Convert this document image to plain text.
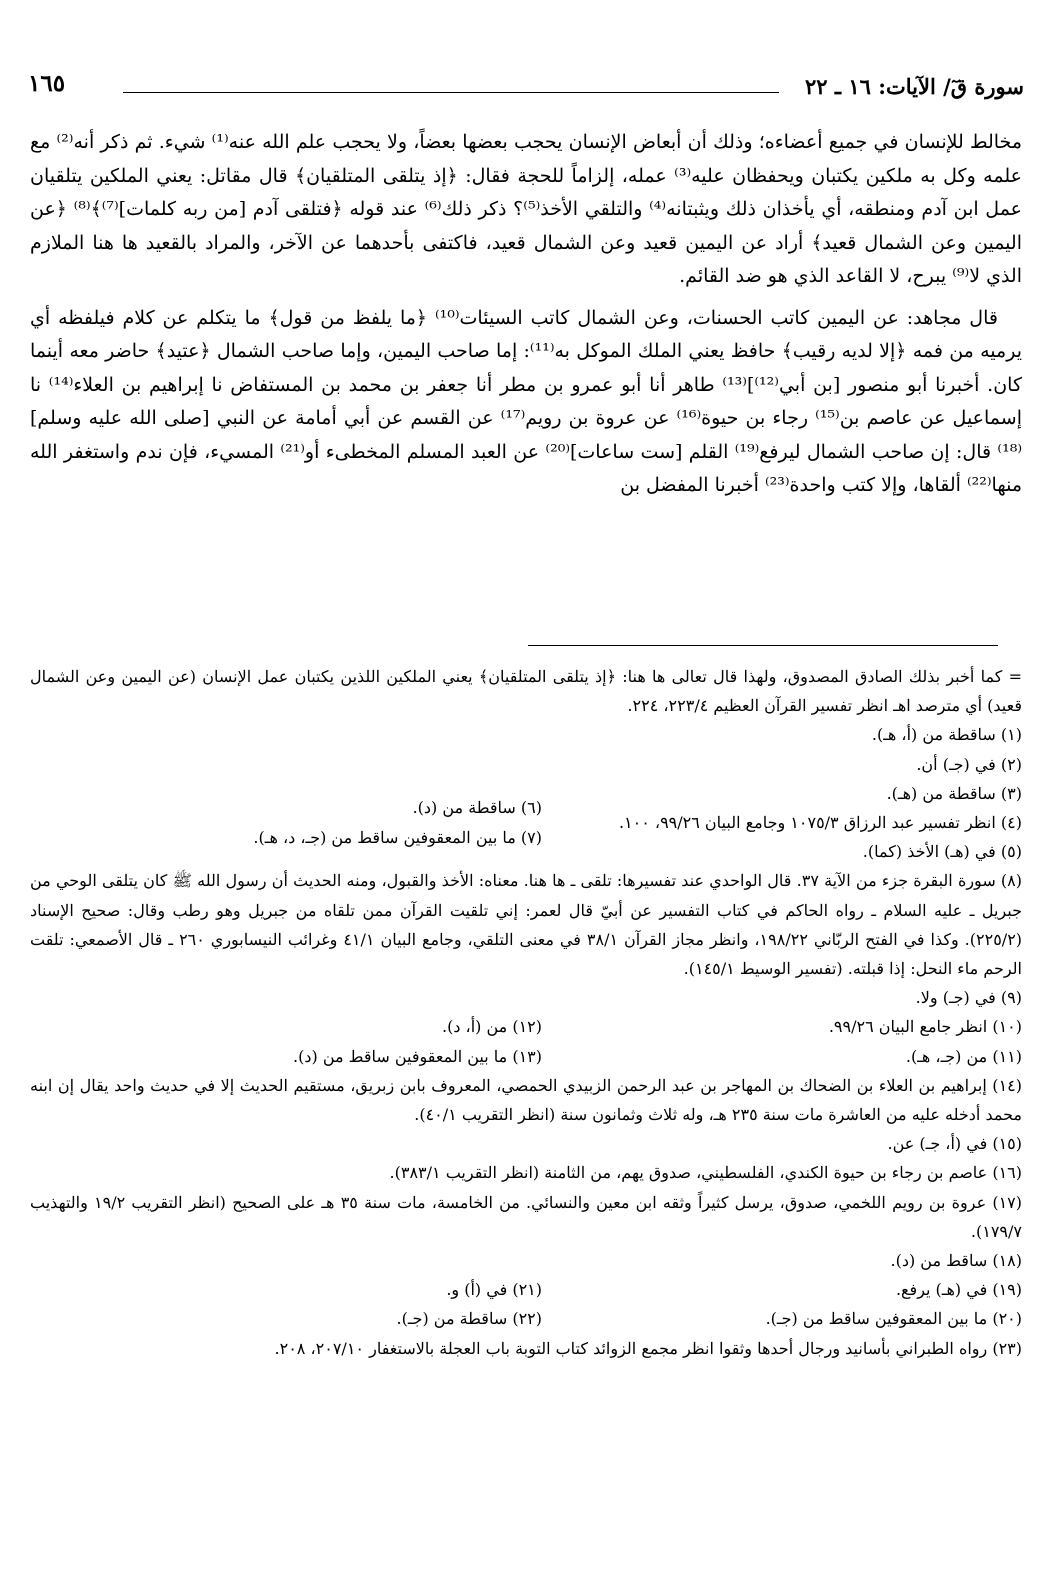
سورة قٓ/ الآيات: ١٦ ـ ٢٢
١٦٥

مخالط للإنسان في جميع أعضاءه؛ وذلك أن أبعاض الإنسان يحجب بعضها بعضاً، ولا يحجب علم الله عنه⁽¹⁾ شيء. ثم ذكر أنه⁽²⁾ مع علمه وكل به ملكين يكتبان ويحفظان عليه⁽³⁾ عمله، إلزاماً للحجة فقال: ﴿إذ يتلقى المتلقيان﴾ قال مقاتل: يعني الملكين يتلقيان عمل ابن آدم ومنطقه، أي يأخذان ذلك ويثبتانه⁽⁴⁾ والتلقي الأخذ⁽⁵⁾؟ ذكر ذلك⁽⁶⁾ عند قوله ﴿فتلقى آدم [من ربه كلمات]⁽⁷⁾﴾⁽⁸⁾ ﴿عن اليمين وعن الشمال قعيد﴾ أراد عن اليمين قعيد وعن الشمال قعيد، فاكتفى بأحدهما عن الآخر، والمراد بالقعيد ها هنا الملازم الذي لا⁽⁹⁾ يبرح، لا القاعد الذي هو ضد القائم.

قال مجاهد: عن اليمين كاتب الحسنات، وعن الشمال كاتب السيئات⁽¹⁰⁾ ﴿ما يلفظ من قول﴾ ما يتكلم عن كلام فيلفظه أي يرميه من فمه ﴿إلا لديه رقيب﴾ حافظ يعني الملك الموكل به⁽¹¹⁾: إما صاحب اليمين، وإما صاحب الشمال ﴿عتيد﴾ حاضر معه أينما كان. أخبرنا أبو منصور [بن أبي⁽¹²⁾]⁽¹³⁾ طاهر أنا أبو عمرو بن مطر أنا جعفر بن محمد بن المستفاض نا إبراهيم بن العلاء⁽¹⁴⁾ نا إسماعيل عن عاصم بن⁽¹⁵⁾ رجاء بن حيوة⁽¹⁶⁾ عن عروة بن رويم⁽¹⁷⁾ عن القسم عن أبي أمامة عن النبي [صلى الله عليه وسلم]⁽¹⁸⁾ قال: إن صاحب الشمال ليرفع⁽¹⁹⁾ القلم [ست ساعات]⁽²⁰⁾ عن العبد المسلم المخطىء أو⁽²¹⁾ المسيء، فإن ندم واستغفر الله منها⁽²²⁾ ألقاها، وإلا كتب واحدة⁽²³⁾ أخبرنا المفضل بن

= كما أخبر بذلك الصادق المصدوق، ولهذا قال تعالى ها هنا: ﴿إذ يتلقى المتلقيان﴾ يعني الملكين اللذين يكتبان عمل الإنسان (عن اليمين وعن الشمال قعيد) أي مترصد اهـ انظر تفسير القرآن العظيم ٢٢٣/٤، ٢٢٤.

(١) ساقطة من (أ، هـ).

(٢) في (جـ) أن.

(٣) ساقطة من (هـ).

(٤) انظر تفسير عبد الرزاق ١٠٧٥/٣ وجامع البيان ٩٩/٢٦، ١٠٠.

(٥) في (هـ) الأخذ (كما).

(٦) ساقطة من (د).

(٧) ما بين المعقوفين ساقط من (جـ، د، هـ).

(٨) سورة البقرة جزء من الآية ٣٧. قال الواحدي عند تفسيرها: تلقى ـ ها هنا. معناه: الأخذ والقبول، ومنه الحديث أن رسول الله ﷺ كان يتلقى الوحي من جبريل ـ عليه السلام ـ رواه الحاكم في كتاب التفسير عن أبيّ قال لعمر: إني تلقيت القرآن ممن تلقاه من جبريل وهو رطب وقال: صحيح الإسناد (٢٢٥/٢). وكذا في الفتح الربّاني ١٩٨/٢٢، وانظر مجاز القرآن ٣٨/١ في معنى التلقي، وجامع البيان ٤١/١ وغرائب النيسابوري ٢٦٠ ـ قال الأصمعي: تلقت الرحم ماء النحل: إذا قبلته. (تفسير الوسيط ١٤٥/١).

(٩) في (جـ) ولا.

(١٠) انظر جامع البيان ٩٩/٢٦.

(١١) من (جـ، هـ).

(١٢) من (أ، د).

(١٣) ما بين المعقوفين ساقط من (د).

(١٤) إبراهيم بن العلاء بن الضحاك بن المهاجر بن عبد الرحمن الزبيدي الحمصي، المعروف بابن زبريق، مستقيم الحديث إلا في حديث واحد يقال إن ابنه محمد أدخله عليه من العاشرة مات سنة ٢٣٥ هـ، وله ثلاث وثمانون سنة (انظر التقريب ٤٠/١).

(١٥) في (أ، جـ) عن.

(١٦) عاصم بن رجاء بن حيوة الكندي، الفلسطيني، صدوق يهم، من الثامنة (انظر التقريب ٣٨٣/١).

(١٧) عروة بن رويم اللخمي، صدوق، يرسل كثيراً وثقه ابن معين والنسائي. من الخامسة، مات سنة ٣٥ هـ على الصحيح (انظر التقريب ١٩/٢ والتهذيب ١٧٩/٧).

(١٨) ساقط من (د).

(١٩) في (هـ) يرفع.

(٢٠) ما بين المعقوفين ساقط من (جـ).

(٢١) في (أ) و.

(٢٢) ساقطة من (جـ).

(٢٣) رواه الطبراني بأسانيد ورجال أحدها وثقوا انظر مجمع الزوائد كتاب التوبة باب العجلة بالاستغفار ٢٠٧/١٠، ٢٠٨.
